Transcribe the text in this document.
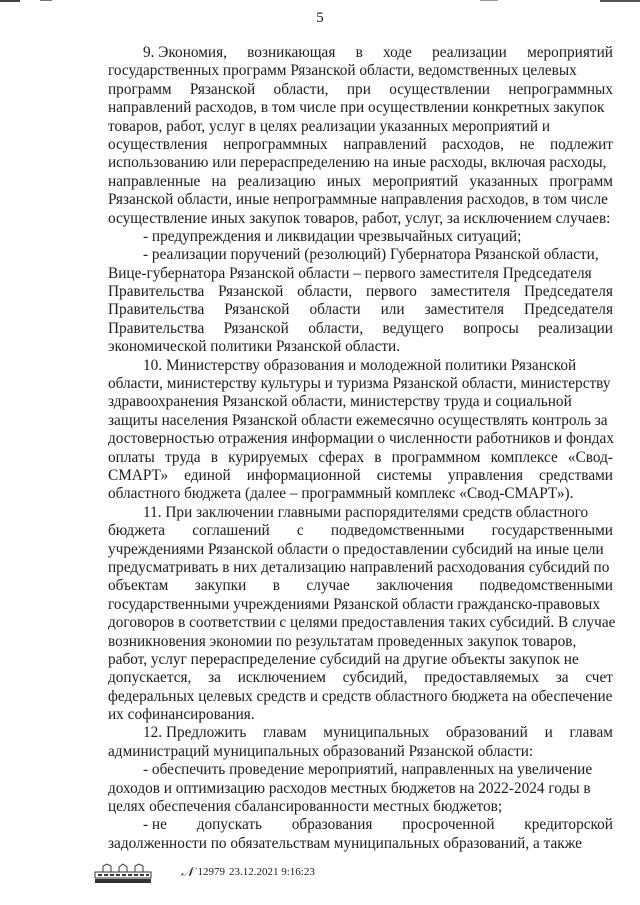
5
9. Экономия, возникающая в ходе реализации мероприятий
государственных программ Рязанской области, ведомственных целевых
программ Рязанской области, при осуществлении непрограммных
направлений расходов, в том числе при осуществлении конкретных закупок
товаров, работ, услуг в целях реализации указанных мероприятий и
осуществления непрограммных направлений расходов, не подлежит
использованию или перераспределению на иные расходы, включая расходы,
направленные на реализацию иных мероприятий указанных программ
Рязанской области, иные непрограммные направления расходов, в том числе
осуществление иных закупок товаров, работ, услуг, за исключением случаев:
- предупреждения и ликвидации чрезвычайных ситуаций;
- реализации поручений (резолюций) Губернатора Рязанской области,
Вице-губернатора Рязанской области – первого заместителя Председателя
Правительства Рязанской области, первого заместителя Председателя
Правительства Рязанской области или заместителя Председателя
Правительства Рязанской области, ведущего вопросы реализации
экономической политики Рязанской области.
10. Министерству образования и молодежной политики Рязанской
области, министерству культуры и туризма Рязанской области, министерству
здравоохранения Рязанской области, министерству труда и социальной
защиты населения Рязанской области ежемесячно осуществлять контроль за
достоверностью отражения информации о численности работников и фондах
оплаты труда в курируемых сферах в программном комплексе «Свод-
СМАРТ» единой информационной системы управления средствами
областного бюджета (далее – программный комплекс «Свод-СМАРТ»).
11. При заключении главными распорядителями средств областного
бюджета соглашений с подведомственными государственными
учреждениями Рязанской области о предоставлении субсидий на иные цели
предусматривать в них детализацию направлений расходования субсидий по
объектам закупки в случае заключения подведомственными
государственными учреждениями Рязанской области гражданско-правовых
договоров в соответствии с целями предоставления таких субсидий. В случае
возникновения экономии по результатам проведенных закупок товаров,
работ, услуг перераспределение субсидий на другие объекты закупок не
допускается, за исключением субсидий, предоставляемых за счет
федеральных целевых средств и средств областного бюджета на обеспечение
их софинансирования.
12. Предложить главам муниципальных образований и главам
администраций муниципальных образований Рязанской области:
- обеспечить проведение мероприятий, направленных на увеличение
доходов и оптимизацию расходов местных бюджетов на 2022-2024 годы в
целях обеспечения сбалансированности местных бюджетов;
- не допускать образования просроченной кредиторской
задолженности по обязательствам муниципальных образований, а также
𝒩 12979 23.12.2021 9:16:23
